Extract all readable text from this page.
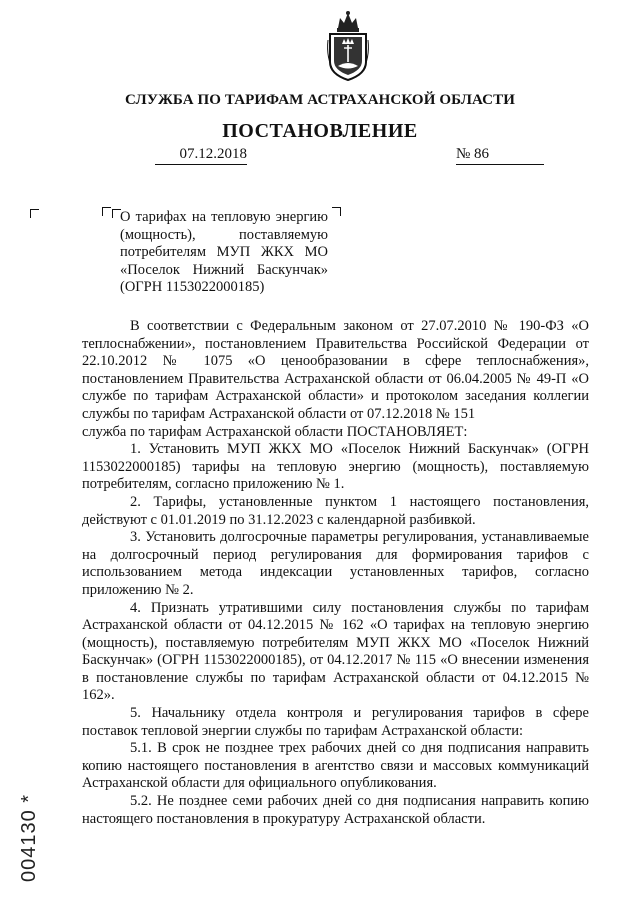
СЛУЖБА ПО ТАРИФАМ АСТРАХАНСКОЙ ОБЛАСТИ
ПОСТАНОВЛЕНИЕ
07.12.2018	№ 86
О тарифах на тепловую энергию (мощность), поставляемую потребителям МУП ЖКХ МО «Поселок Нижний Баскунчак» (ОГРН 1153022000185)

В соответствии с Федеральным законом от 27.07.2010 № 190-ФЗ «О теплоснабжении», постановлением Правительства Российской Федерации от 22.10.2012 № 1075 «О ценообразовании в сфере теплоснабжения», постановлением Правительства Астраханской области от 06.04.2005 № 49-П «О службе по тарифам Астраханской области» и протоколом заседания коллегии службы по тарифам Астраханской области от 07.12.2018 № 151

служба по тарифам Астраханской области ПОСТАНОВЛЯЕТ:

1. Установить МУП ЖКХ МО «Поселок Нижний Баскунчак» (ОГРН 1153022000185) тарифы на тепловую энергию (мощность), поставляемую потребителям, согласно приложению № 1.

2. Тарифы, установленные пунктом 1 настоящего постановления, действуют с 01.01.2019 по 31.12.2023 с календарной разбивкой.

3. Установить долгосрочные параметры регулирования, устанавливаемые на долгосрочный период регулирования для формирования тарифов с использованием метода индексации установленных тарифов, согласно приложению № 2.

4. Признать утратившими силу постановления службы по тарифам Астраханской области от 04.12.2015 № 162 «О тарифах на тепловую энергию (мощность), поставляемую потребителям МУП ЖКХ МО «Поселок Нижний Баскунчак» (ОГРН 1153022000185), от 04.12.2017 № 115 «О внесении изменения в постановление службы по тарифам Астраханской области от 04.12.2015 № 162».

5. Начальнику отдела контроля и регулирования тарифов в сфере поставок тепловой энергии службы по тарифам Астраханской области:

5.1. В срок не позднее трех рабочих дней со дня подписания направить копию настоящего постановления в агентство связи и массовых коммуникаций Астраханской области для официального опубликования.

5.2. Не позднее семи рабочих дней со дня подписания направить копию настоящего постановления в прокуратуру Астраханской области.

004130 *
